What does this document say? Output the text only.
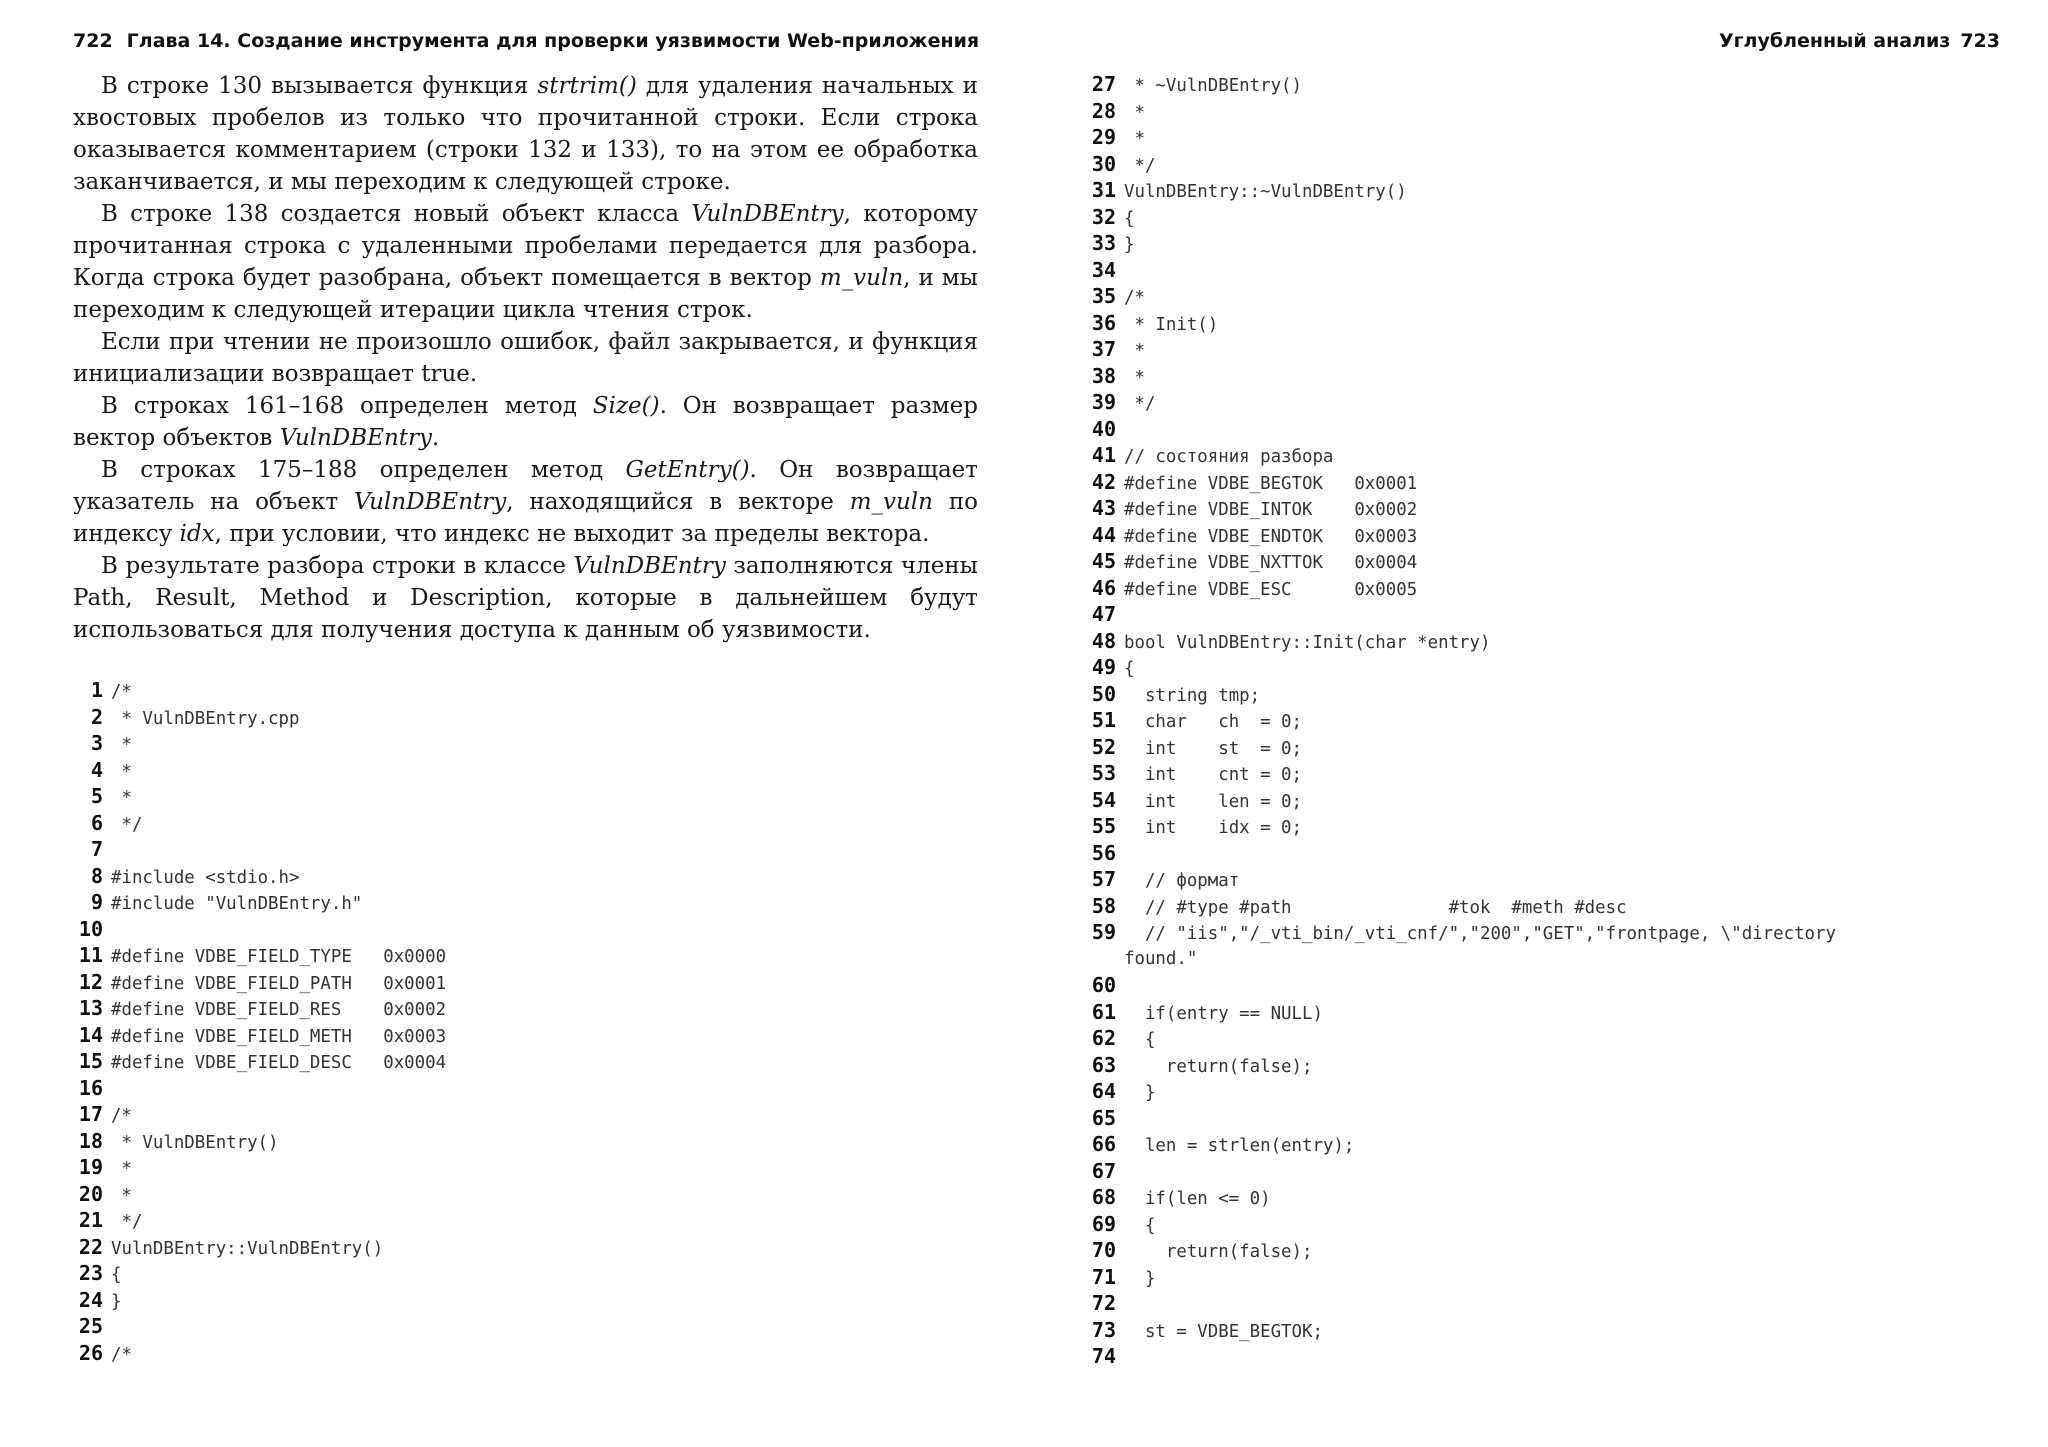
722 Глава 14. Создание инструмента для проверки уязвимости Web-приложения	Углубленный анализ 723

В строке 130 вызывается функция strtrim() для удаления начальных и хвостовых пробелов из только что прочитанной строки. Если строка оказывается комментарием (строки 132 и 133), то на этом ее обработка заканчивается, и мы переходим к следующей строке.

В строке 138 создается новый объект класса VulnDBEntry, которому прочитанная строка с удаленными пробелами передается для разбора. Когда строка будет разобрана, объект помещается в вектор m_vuln, и мы переходим к следующей итерации цикла чтения строк.

Если при чтении не произошло ошибок, файл закрывается, и функция инициализации возвращает true.

В строках 161–168 определен метод Size(). Он возвращает размер вектор объектов VulnDBEntry.

В строках 175–188 определен метод GetEntry(). Он возвращает указатель на объект VulnDBEntry, находящийся в векторе m_vuln по индексу idx, при условии, что индекс не выходит за пределы вектора.

В результате разбора строки в классе VulnDBEntry заполняются члены Path, Result, Method и Description, которые в дальнейшем будут использоваться для получения доступа к данным об уязвимости.

1 /*
2 * VulnDBEntry.cpp
3 *
4 *
5 *
6 */
7
8 #include <stdio.h>
9 #include "VulnDBEntry.h"
10
11 #define VDBE_FIELD_TYPE   0x0000
12 #define VDBE_FIELD_PATH   0x0001
13 #define VDBE_FIELD_RES    0x0002
14 #define VDBE_FIELD_METH   0x0003
15 #define VDBE_FIELD_DESC   0x0004
16
17 /*
18 * VulnDBEntry()
19 *
20 *
21 */
22 VulnDBEntry::VulnDBEntry()
23 {
24 }
25
26 /*
27 * ~VulnDBEntry()
28 *
29 *
30 */
31 VulnDBEntry::~VulnDBEntry()
32 {
33 }
34
35 /*
36 * Init()
37 *
38 *
39 */
40
41 // состояния разбора
42 #define VDBE_BEGTOK   0x0001
43 #define VDBE_INTOK    0x0002
44 #define VDBE_ENDTOK   0x0003
45 #define VDBE_NXTTOK   0x0004
46 #define VDBE_ESC      0x0005
47
48 bool VulnDBEntry::Init(char *entry)
49 {
50  string tmp;
51  char   ch  = 0;
52  int    st  = 0;
53  int    cnt = 0;
54  int    len = 0;
55  int    idx = 0;
56
57  // формат
58  // #type #path               #tok  #meth #desc
59  // "iis","/_vti_bin/_vti_cnf/","200","GET","frontpage, \"directory
found."
60
61  if(entry == NULL)
62  {
63    return(false);
64  }
65
66  len = strlen(entry);
67
68  if(len <= 0)
69  {
70    return(false);
71  }
72
73  st = VDBE_BEGTOK;
74
